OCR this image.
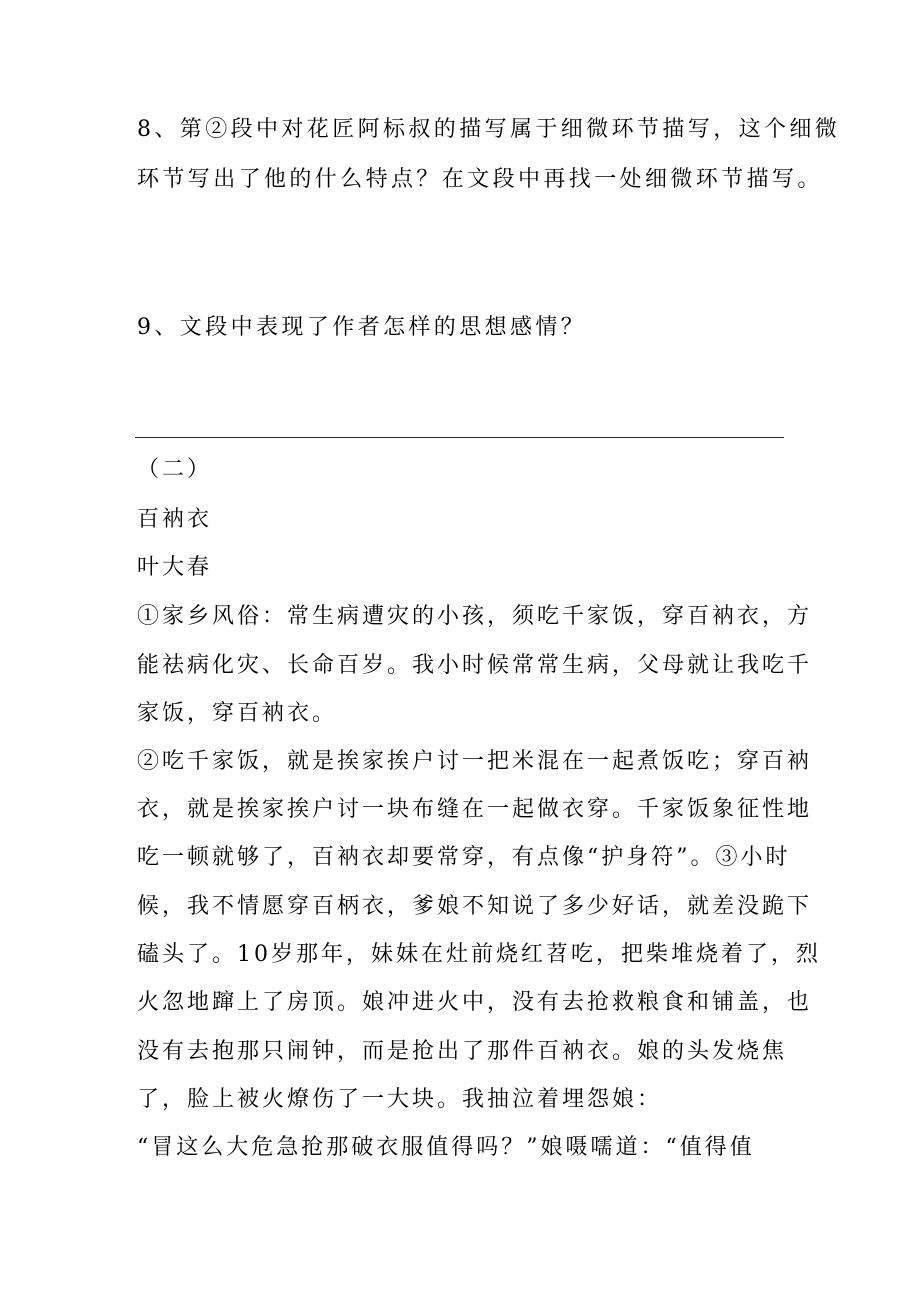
8、第②段中对花匠阿标叔的描写属于细微环节描写，这个细微
环节写出了他的什么特点？在文段中再找一处细微环节描写。
9、文段中表现了作者怎样的思想感情？
（二）
百衲衣
叶大春
①家乡风俗：常生病遭灾的小孩，须吃千家饭，穿百衲衣，方
能祛病化灾、长命百岁。我小时候常常生病，父母就让我吃千
家饭，穿百衲衣。
②吃千家饭，就是挨家挨户讨一把米混在一起煮饭吃；穿百衲
衣，就是挨家挨户讨一块布缝在一起做衣穿。千家饭象征性地
吃一顿就够了，百衲衣却要常穿，有点像“护身符”。③小时
候，我不情愿穿百柄衣，爹娘不知说了多少好话，就差没跪下
磕头了。10岁那年，妹妹在灶前烧红苕吃，把柴堆烧着了，烈
火忽地蹿上了房顶。娘冲进火中，没有去抢救粮食和铺盖，也
没有去抱那只闹钟，而是抢出了那件百衲衣。娘的头发烧焦
了，脸上被火燎伤了一大块。我抽泣着埋怨娘：
“冒这么大危急抢那破衣服值得吗？”娘嗫嚅道：“值得值
